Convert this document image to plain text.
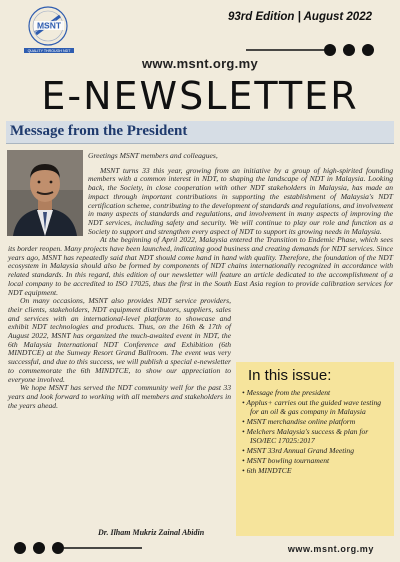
MSNT
QUALITY THROUGH NDT
93rd Edition | August 2022
www.msnt.org.my
E-NEWSLETTER
Message from the President

Greetings MSNT members and colleagues,

MSNT turns 33 this year, growing from an initiative by a group of high-spirited founding members with a common interest in NDT, to shaping the landscape of NDT in Malaysia. Looking back, the Society, in close cooperation with other NDT stakeholders in Malaysia, has made an impact through important contributions in supporting the establishment of Malaysia's NDT certification scheme, contributing to the development of standards and regulations, and involvement in many aspects of standards and regulations, and involvement in many aspects of improving the NDT services, including safety and security. We will continue to play our role and function as a Society to support and strengthen every aspect of NDT to support its growing needs in Malaysia.

At the beginning of April 2022, Malaysia entered the Transition to Endemic Phase, which sees its border reopen. Many projects have been launched, indicating good business and creating demands for NDT services. Since years ago, MSNT has repeatedly said that NDT should come hand in hand with quality. Therefore, the foundation of the NDT ecosystem in Malaysia should also be formed by components of NDT chains internationally recognized in accordance with related standards. In this regard, this edition of our newsletter will feature an article dedicated to the accomplishment of a local company to be accredited to ISO 17025, thus the first in the South East Asia region to provide calibration services for NDT equipment.

On many occasions, MSNT also provides NDT service providers, their clients, stakeholders, NDT equipment distributors, suppliers, sales and services with an international-level platform to showcase and exhibit NDT technologies and products. Thus, on the 16th & 17th of August 2022, MSNT has organized the much-awaited event in NDT, the 6th Malaysia International NDT Conference and Exhibition (6th MINDTCE) at the Sunway Resort Grand Ballroom. The event was very successful, and due to this success, we will publish a special e-newsletter to commemorate the 6th MINDTCE, to show our appreciation to everyone involved.

We hope MSNT has served the NDT community well for the past 33 years and look forward to working with all members and stakeholders in the years ahead.

In this issue:
• Message from the president
• Applus+ carries out the guided wave testing for an oil & gas company in Malaysia
• MSNT merchandise online platform
• Melchers Malaysia's success & plan for ISO/IEC 17025:2017
• MSNT 33rd Annual Grand Meeting
• MSNT bowling tournament
• 6th MINDTCE
Dr. Ilham Mukriz Zainal Abidin
www.msnt.org.my
